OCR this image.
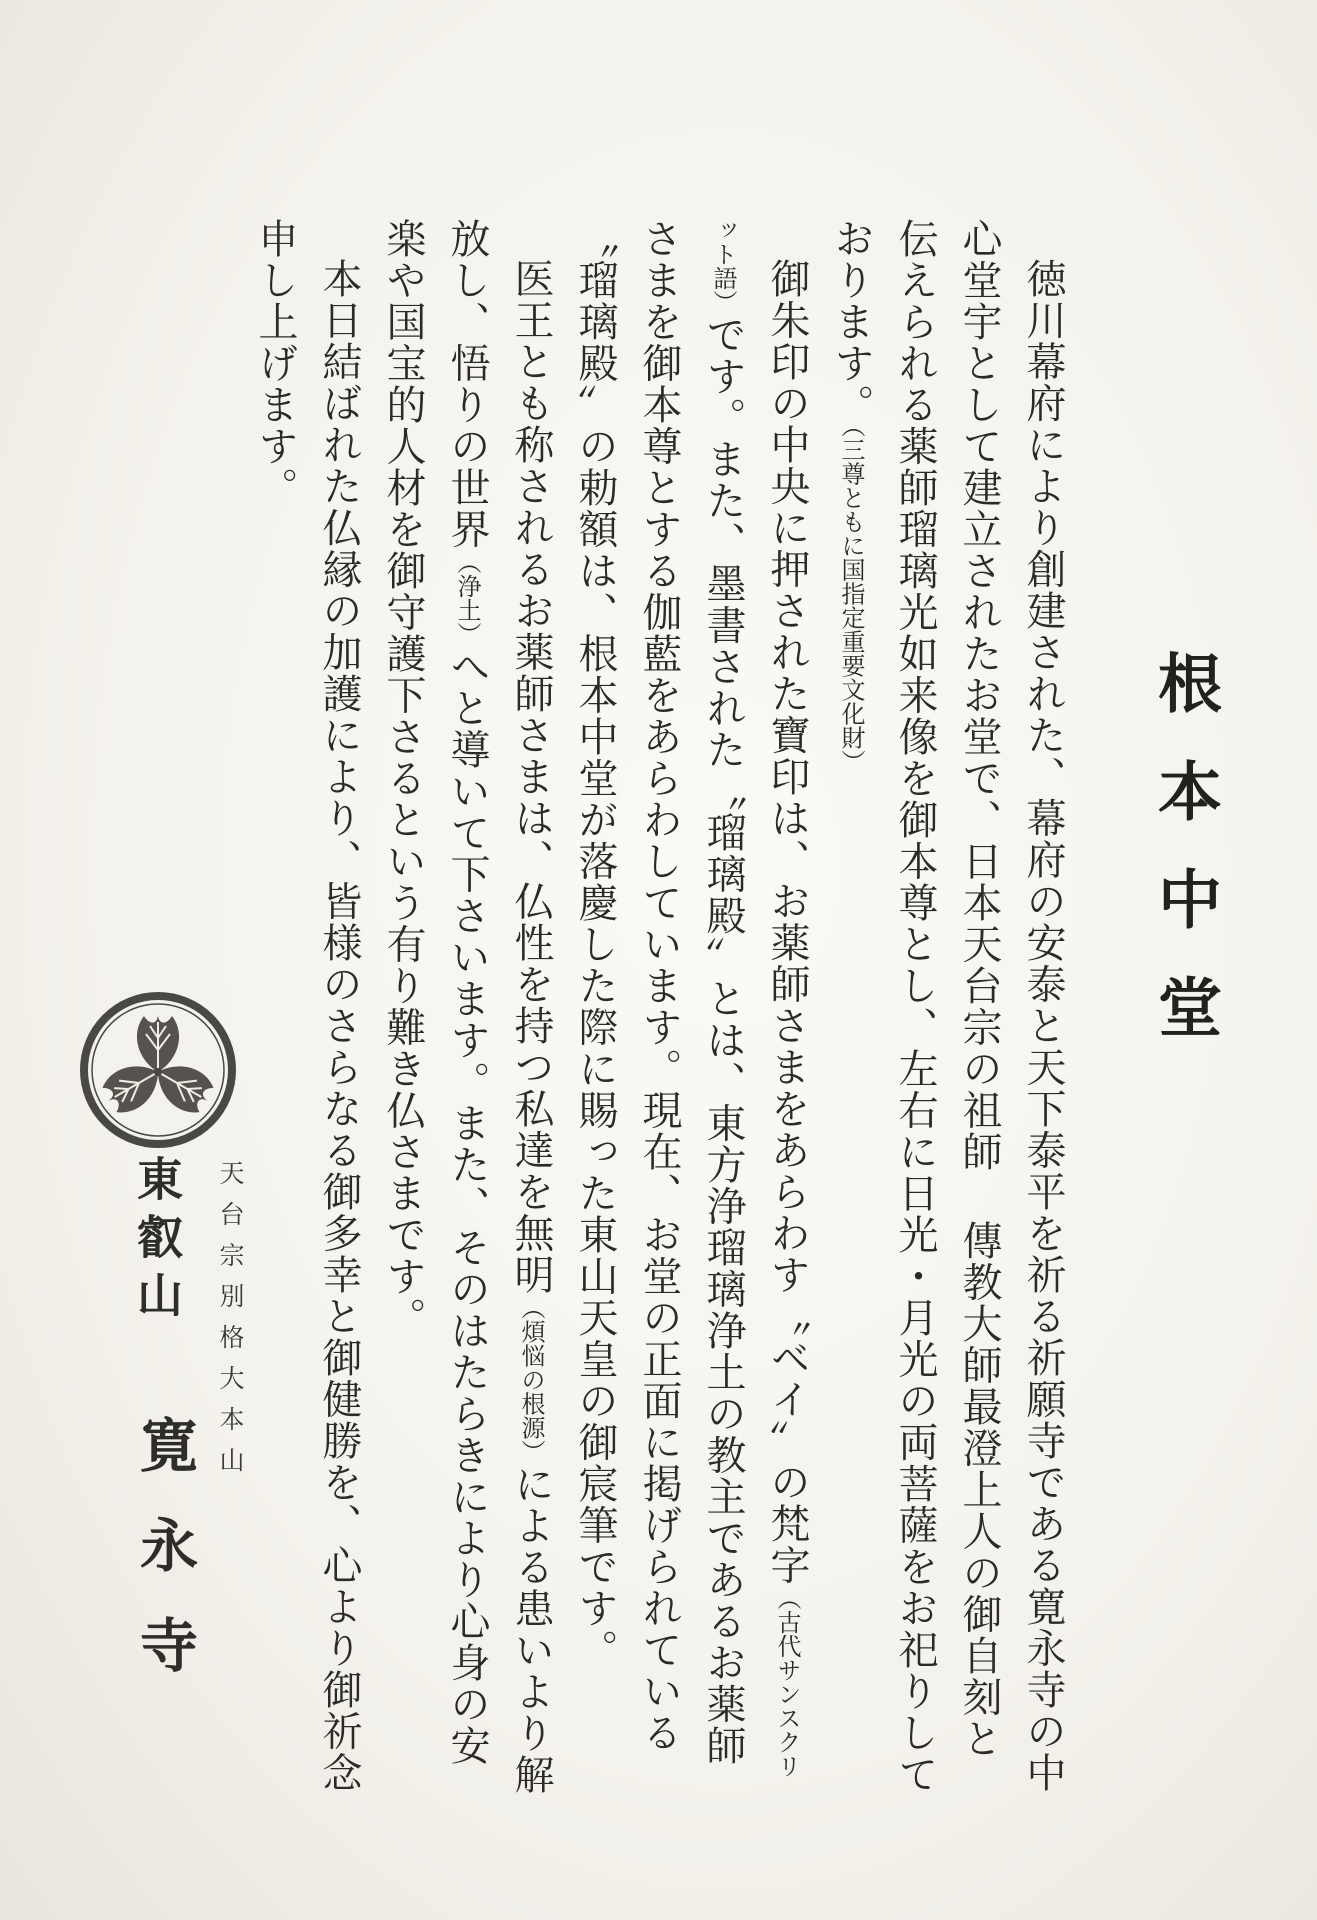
根本中堂

徳川幕府により創建された、幕府の安泰と天下泰平を祈る祈願寺である寛永寺の中心堂宇として建立されたお堂で、日本天台宗の祖師 傳教大師最澄上人の御自刻と伝えられる薬師瑠璃光如来像を御本尊とし、左右に日光・月光の両菩薩をお祀りしております。（三尊ともに国指定重要文化財）

御朱印の中央に押された寶印は、お薬師さまをあらわす〝ベイ〟の梵字（古代サンスクリット語）です。また、墨書された〝瑠璃殿〟とは、東方浄瑠璃浄土の教主であるお薬師さまを御本尊とする伽藍をあらわしています。現在、お堂の正面に掲げられている〝瑠璃殿〟の勅額は、根本中堂が落慶した際に賜った東山天皇の御宸筆です。

医王とも称されるお薬師さまは、仏性を持つ私達を無明（煩悩の根源）による患いより解放し、悟りの世界（浄土）へと導いて下さいます。また、そのはたらきにより心身の安楽や国宝的人材を御守護下さるという有り難き仏さまです。

本日結ばれた仏縁の加護により、皆様のさらなる御多幸と御健勝を、心より御祈念申し上げます。

天台宗別格大本山
東叡山
寛永寺
